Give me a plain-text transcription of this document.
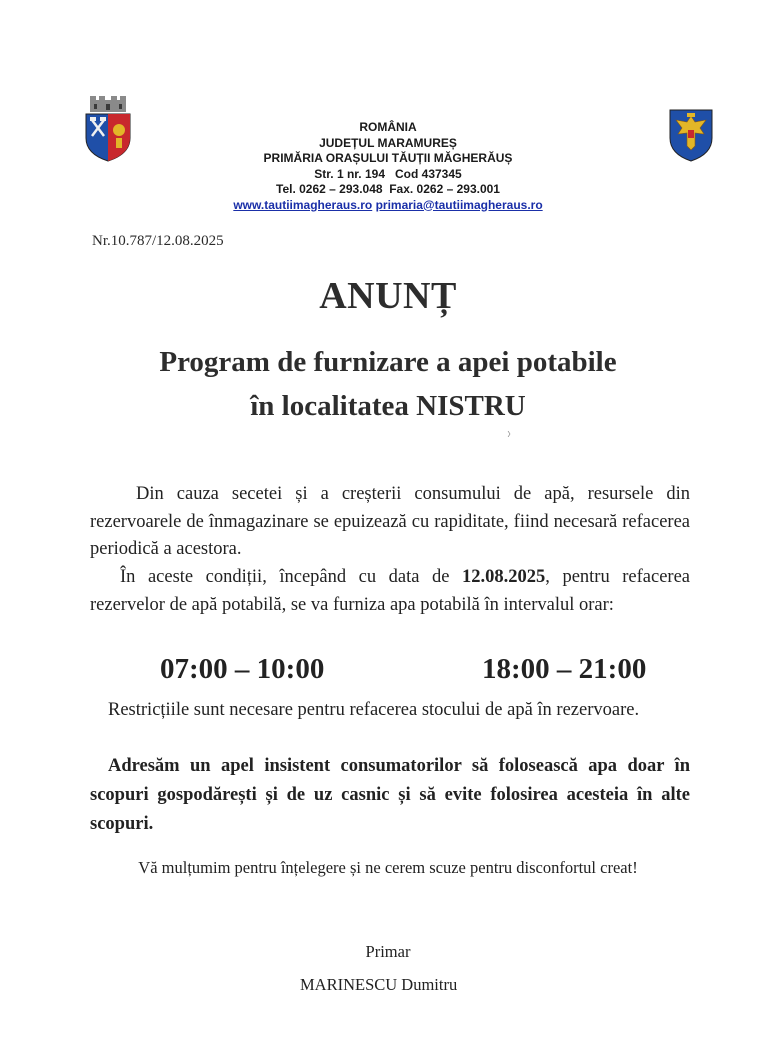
ROMÂNIA
JUDEȚUL MARAMUREȘ
PRIMĂRIA ORAȘULUI TĂUȚII MĂGHERĂUȘ
Str. 1 nr. 194   Cod 437345
Tel. 0262 – 293.048  Fax. 0262 – 293.001
www.tautiimagheraus.ro primaria@tautiimagheraus.ro
Nr.10.787/12.08.2025
ANUNȚ
Program de furnizare a apei potabile
în localitatea NISTRU
Din cauza secetei și a creșterii consumului de apă, resursele din rezervoarele de înmagazinare se epuizează cu rapiditate, fiind necesară refacerea periodică a acestora.
În aceste condiții, începând cu data de 12.08.2025, pentru refacerea rezervelor de apă potabilă, se va furniza apa potabilă în intervalul orar:
07:00 – 10:00	18:00 – 21:00
Restricțiile sunt necesare pentru refacerea stocului de apă în rezervoare.
Adresăm un apel insistent consumatorilor să folosească apa doar în scopuri gospodărești și de uz casnic și să evite folosirea acesteia în alte scopuri.
Vă mulțumim pentru înțelegere și ne cerem scuze pentru disconfortul creat!
Primar
MARINESCU Dumitru
